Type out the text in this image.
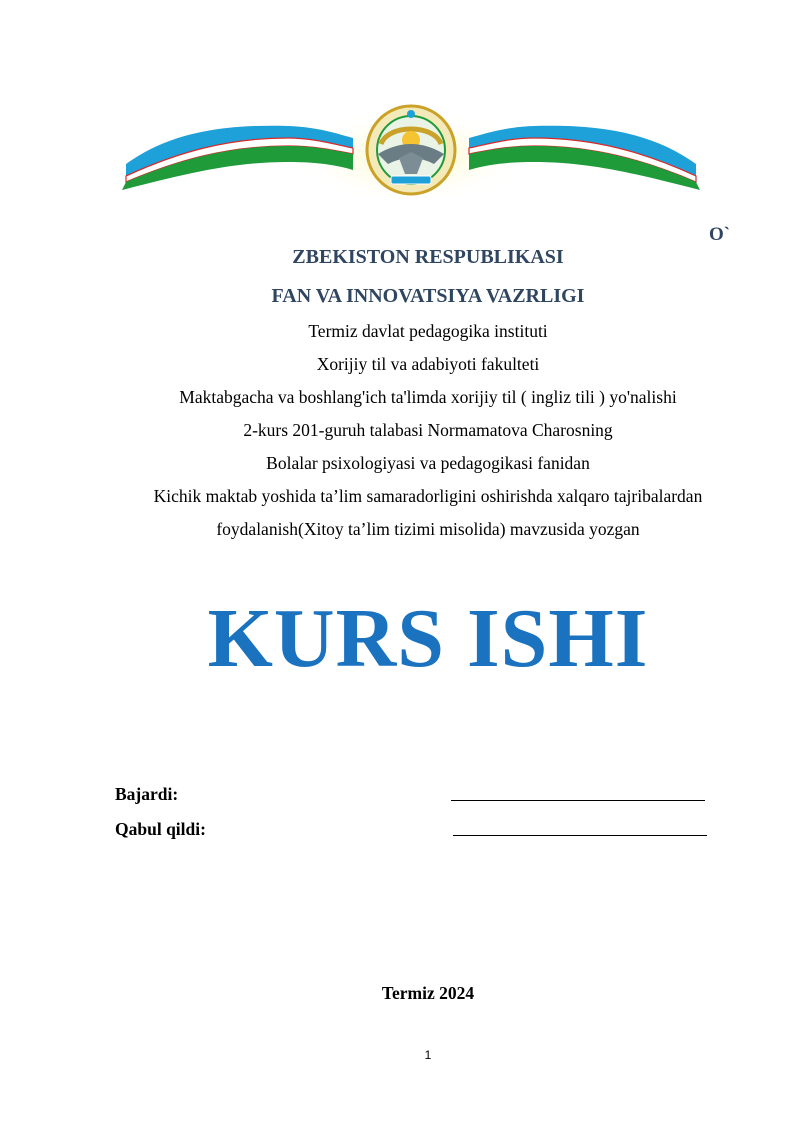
O`
ZBEKISTON RESPUBLIKASI
FAN VA INNOVATSIYA VAZRLIGI
Termiz davlat pedagogika instituti
Xorijiy til va adabiyoti fakulteti
Maktabgacha va boshlang'ich ta'limda xorijiy til ( ingliz tili ) yo'nalishi
2-kurs 201-guruh talabasi Normamatova Charosning
Bolalar psixologiyasi va pedagogikasi fanidan
Kichik maktab yoshida ta’lim samaradorligini oshirishda xalqaro tajribalardan
foydalanish(Xitoy ta’lim tizimi misolida) mavzusida yozgan
KURS ISHI
Bajardi:
Qabul qildi:
Termiz 2024
1
